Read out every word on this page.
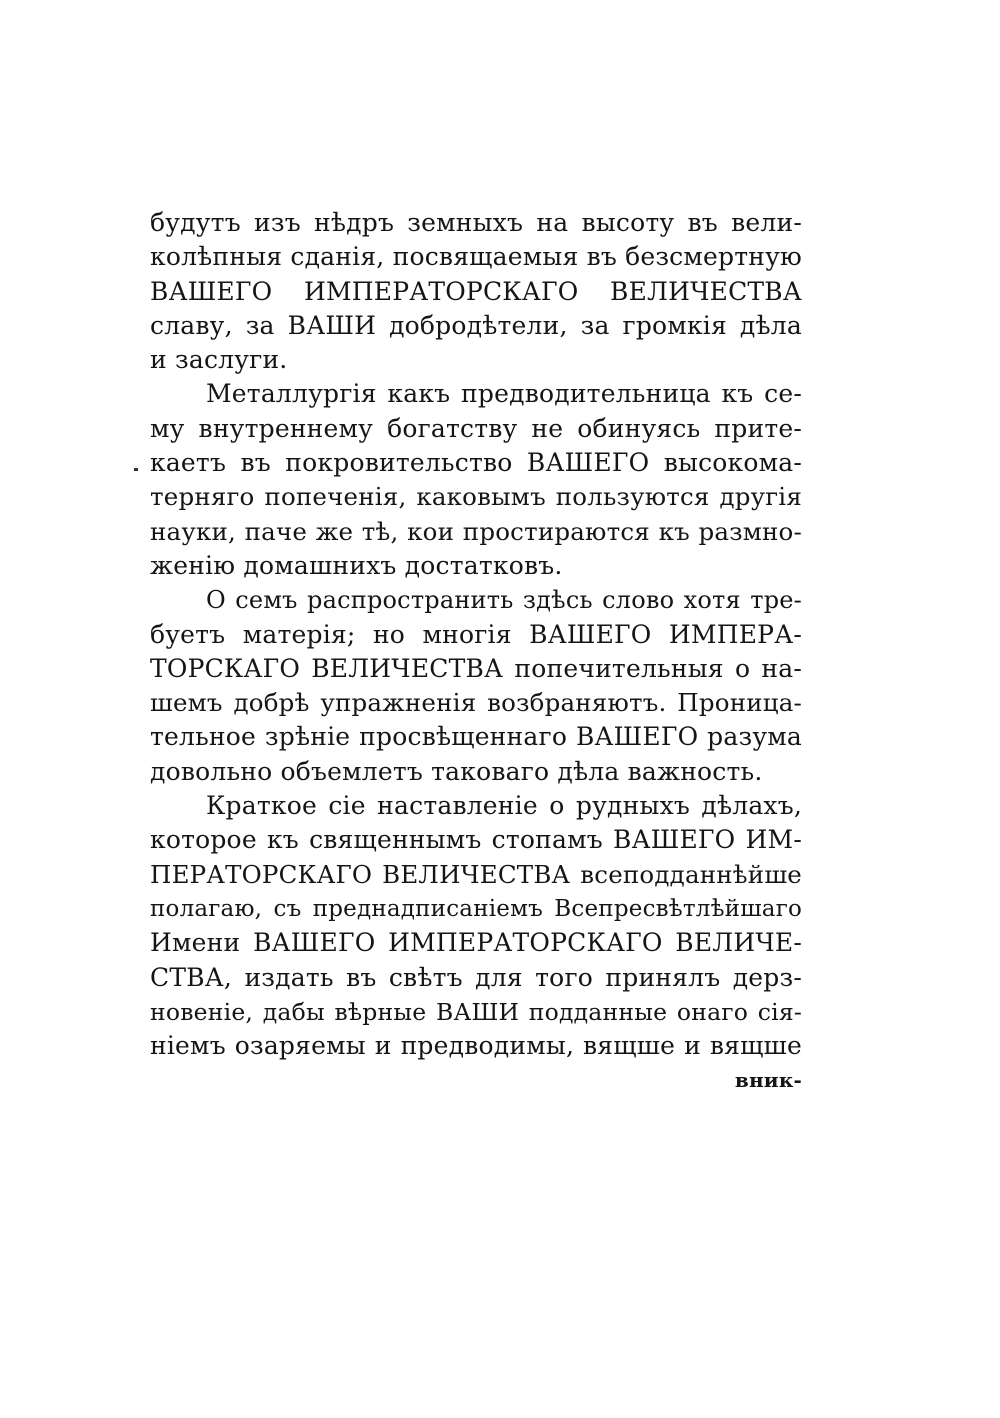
будутъ изъ нѣдръ земныхъ на высоту въ вели-
колѣпныя сданія, посвящаемыя въ безсмертную
ВАШЕГО ИМПЕРАТОРСКАГО ВЕЛИЧЕСТВА
славу, за ВАШИ добродѣтели, за громкія дѣла
и заслуги.
Металлургія какъ предводительница къ се-
му внутреннему богатству не обинуясь прите-
каетъ въ покровительство ВАШЕГО высокома-
терняго попеченія, каковымъ пользуются другія
науки, паче же тѣ, кои простираются къ размно-
женію домашнихъ достатковъ.
О семъ распространить здѣсь слово хотя тре-
буетъ матерія; но многія ВАШЕГО ИМПЕРА-
ТОРСКАГО ВЕЛИЧЕСТВА попечительныя о на-
шемъ добрѣ упражненія возбраняютъ. Проница-
тельное зрѣніе просвѣщеннаго ВАШЕГО разума
довольно объемлетъ таковаго дѣла важность.
Краткое сіе наставленіе о рудныхъ дѣлахъ,
которое къ священнымъ стопамъ ВАШЕГО ИМ-
ПЕРАТОРСКАГО ВЕЛИЧЕСТВА всеподданнѣйше
полагаю, съ преднадписаніемъ Всепресвѣтлѣйшаго
Имени ВАШЕГО ИМПЕРАТОРСКАГО ВЕЛИЧЕ-
СТВА, издать въ свѣтъ для того принялъ дерз-
новеніе, дабы вѣрные ВАШИ подданные онаго сія-
ніемъ озаряемы и предводимы, вящше и вящше
вник-
